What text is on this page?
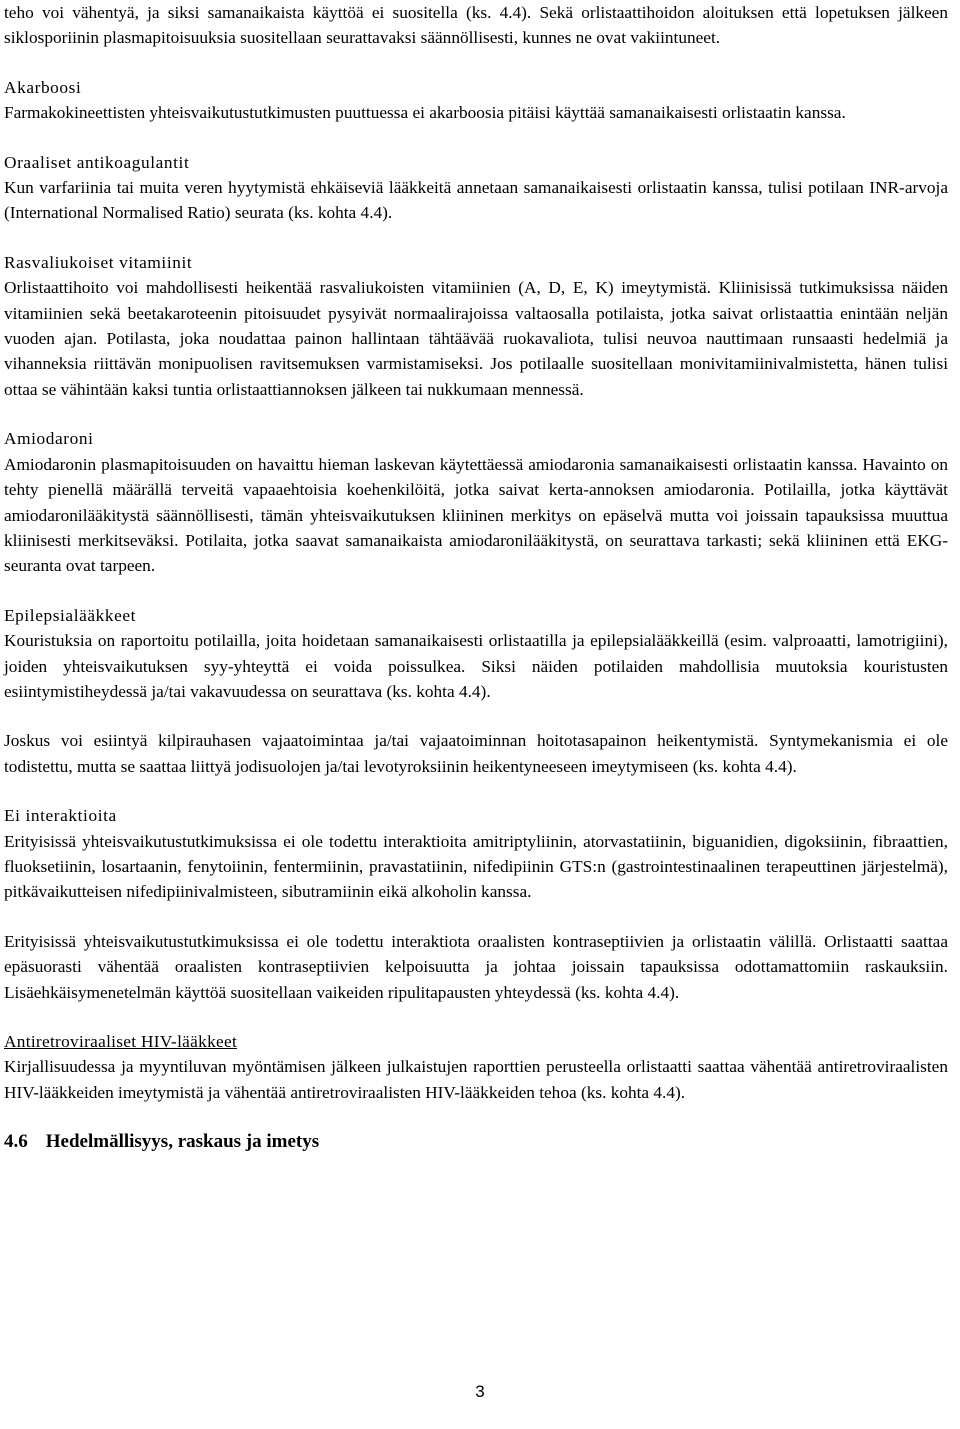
teho voi vähentyä, ja siksi samanaikaista käyttöä ei suositella (ks. 4.4). Sekä orlistaattihoidon aloituksen että lopetuksen jälkeen siklosporiinin plasmapitoisuuksia suositellaan seurattavaksi säännöllisesti, kunnes ne ovat vakiintuneet.

Akarboosi

Farmakokineettisten yhteisvaikutustutkimusten puuttuessa ei akarboosia pitäisi käyttää samanaikaisesti orlistaatin kanssa.

Oraaliset antikoagulantit

Kun varfariinia tai muita veren hyytymistä ehkäiseviä lääkkeitä annetaan samanaikaisesti orlistaatin kanssa, tulisi potilaan INR-arvoja (International Normalised Ratio) seurata (ks. kohta 4.4).

Rasvaliukoiset vitamiinit

Orlistaattihoito voi mahdollisesti heikentää rasvaliukoisten vitamiinien (A, D, E, K) imeytymistä. Kliinisissä tutkimuksissa näiden vitamiinien sekä beetakaroteenin pitoisuudet pysyivät normaalirajoissa valtaosalla potilaista, jotka saivat orlistaattia enintään neljän vuoden ajan. Potilasta, joka noudattaa painon hallintaan tähtäävää ruokavaliota, tulisi neuvoa nauttimaan runsaasti hedelmiä ja vihanneksia riittävän monipuolisen ravitsemuksen varmistamiseksi. Jos potilaalle suositellaan monivitamiinivalmistetta, hänen tulisi ottaa se vähintään kaksi tuntia orlistaattiannoksen jälkeen tai nukkumaan mennessä.

Amiodaroni

Amiodaronin plasmapitoisuuden on havaittu hieman laskevan käytettäessä amiodaronia samanaikaisesti orlistaatin kanssa. Havainto on tehty pienellä määrällä terveitä vapaaehtoisia koehenkilöitä, jotka saivat kerta-annoksen amiodaronia. Potilailla, jotka käyttävät amiodaronilääkitystä säännöllisesti, tämän yhteisvaikutuksen kliininen merkitys on epäselvä mutta voi joissain tapauksissa muuttua kliinisesti merkitseväksi. Potilaita, jotka saavat samanaikaista amiodaronilääkitystä, on seurattava tarkasti; sekä kliininen että EKG-seuranta ovat tarpeen.

Epilepsialääkkeet

Kouristuksia on raportoitu potilailla, joita hoidetaan samanaikaisesti orlistaatilla ja epilepsialääkkeillä (esim. valproaatti, lamotrigiini), joiden yhteisvaikutuksen syy-yhteyttä ei voida poissulkea. Siksi näiden potilaiden mahdollisia muutoksia kouristusten esiintymistiheydessä ja/tai vakavuudessa on seurattava (ks. kohta 4.4).

Joskus voi esiintyä kilpirauhasen vajaatoimintaa ja/tai vajaatoiminnan hoitotasapainon heikentymistä. Syntymekanismia ei ole todistettu, mutta se saattaa liittyä jodisuolojen ja/tai levotyroksiinin heikentyneeseen imeytymiseen (ks. kohta 4.4).

Ei interaktioita

Erityisissä yhteisvaikutustutkimuksissa ei ole todettu interaktioita amitriptyliinin, atorvastatiinin, biguanidien, digoksiinin, fibraattien, fluoksetiinin, losartaanin, fenytoiinin, fentermiinin, pravastatiinin, nifedipiinin GTS:n (gastrointestinaalinen terapeuttinen järjestelmä), pitkävaikutteisen nifedipiinivalmisteen, sibutramiinin eikä alkoholin kanssa.

Erityisissä yhteisvaikutustutkimuksissa ei ole todettu interaktiota oraalisten kontraseptiivien ja orlistaatin välillä. Orlistaatti saattaa epäsuorasti vähentää oraalisten kontraseptiivien kelpoisuutta ja johtaa joissain tapauksissa odottamattomiin raskauksiin. Lisäehkäisymenetelmän käyttöä suositellaan vaikeiden ripulitapausten yhteydessä (ks. kohta 4.4).

Antiretroviraaliset HIV-lääkkeet

Kirjallisuudessa ja myyntiluvan myöntämisen jälkeen julkaistujen raporttien perusteella orlistaatti saattaa vähentää antiretroviraalisten HIV-lääkkeiden imeytymistä ja vähentää antiretroviraalisten HIV-lääkkeiden tehoa (ks. kohta 4.4).

4.6 Hedelmällisyys, raskaus ja imetys

3
